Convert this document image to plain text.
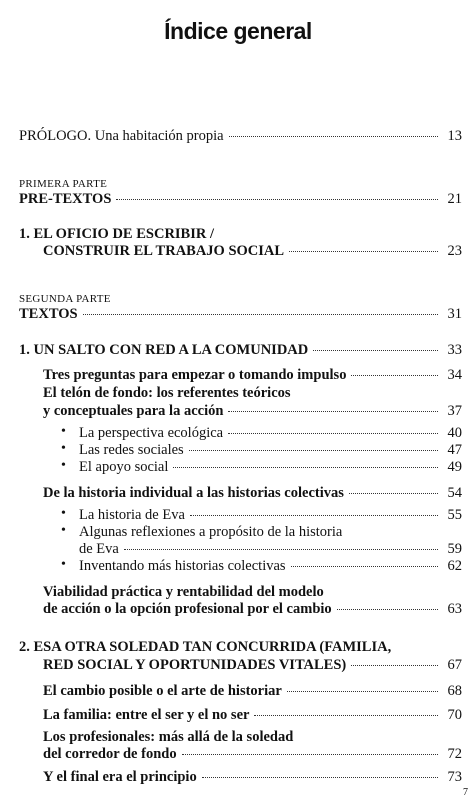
Índice general
PRÓLOGO. Una habitación propia	13
PRIMERA PARTE
PRE-TEXTOS	21
1. EL OFICIO DE ESCRIBIR /
CONSTRUIR EL TRABAJO SOCIAL	23
SEGUNDA PARTE
TEXTOS	31
1. UN SALTO CON RED A LA COMUNIDAD	33
Tres preguntas para empezar o tomando impulso	34
El telón de fondo: los referentes teóricos
y conceptuales para la acción	37
• La perspectiva ecológica	40
• Las redes sociales	47
• El apoyo social	49
De la historia individual a las historias colectivas	54
• La historia de Eva	55
• Algunas reflexiones a propósito de la historia
de Eva	59
• Inventando más historias colectivas	62
Viabilidad práctica y rentabilidad del modelo
de acción o la opción profesional por el cambio	63
2. ESA OTRA SOLEDAD TAN CONCURRIDA (FAMILIA,
RED SOCIAL Y OPORTUNIDADES VITALES)	67
El cambio posible o el arte de historiar	68
La familia: entre el ser y el no ser	70
Los profesionales: más allá de la soledad
del corredor de fondo	72
Y el final era el principio	73
7
